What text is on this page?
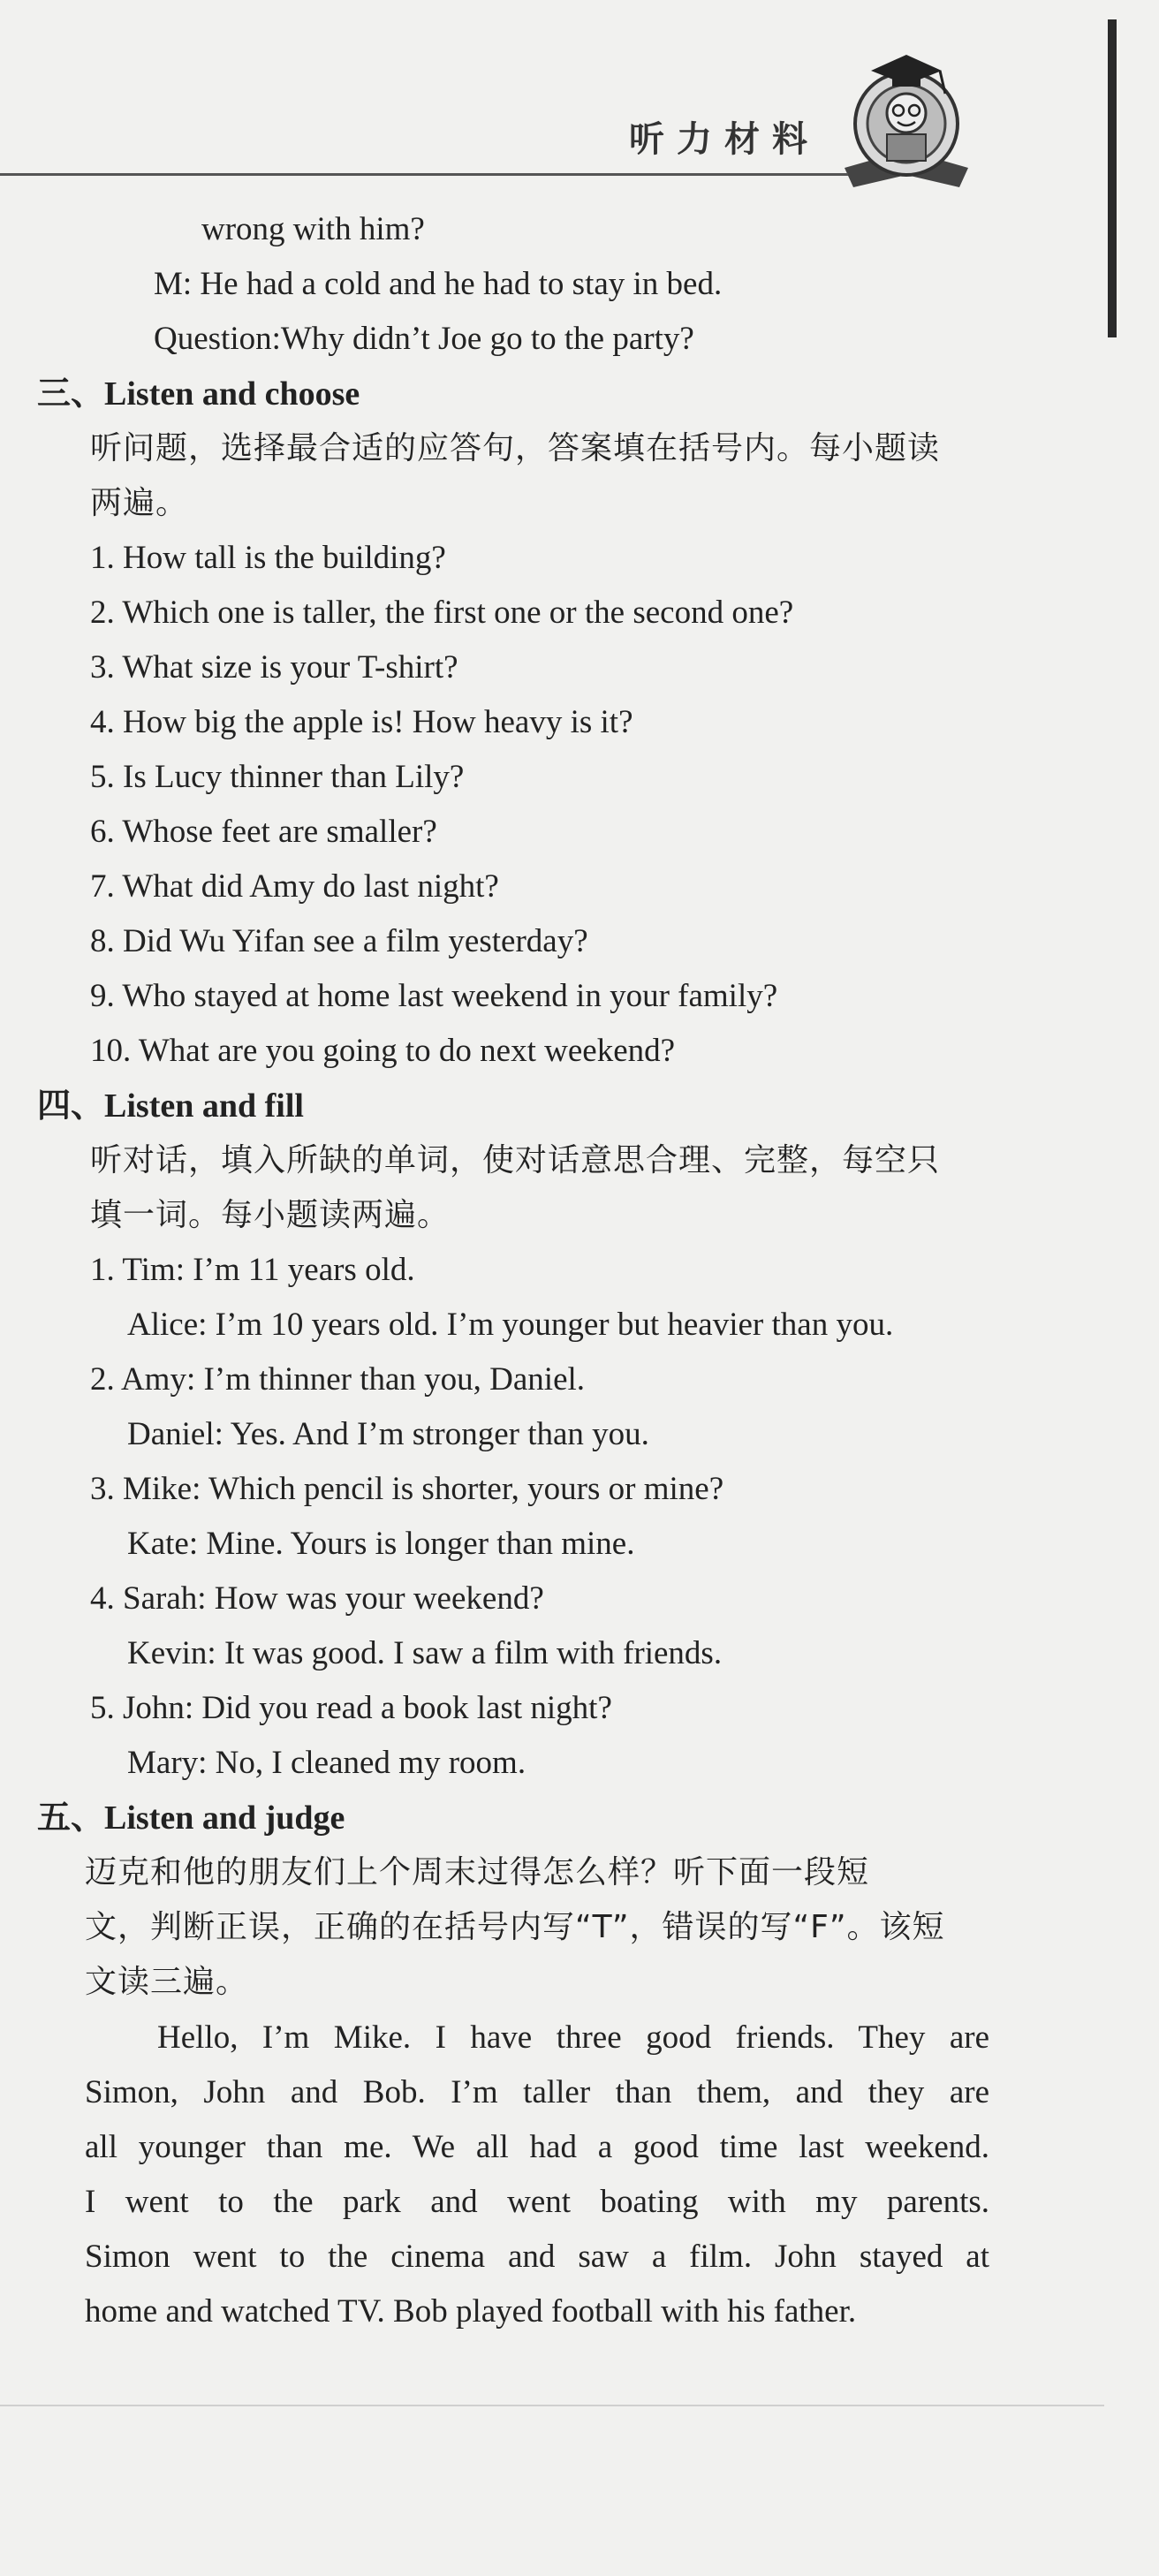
听力材料
wrong with him?
M: He had a cold and he had to stay in bed.
Question:Why didn’t Joe go to the party?
三、Listen and choose
听问题，选择最合适的应答句，答案填在括号内。每小题读
两遍。
1. How tall is the building?
2. Which one is taller, the first one or the second one?
3. What size is your T-shirt?
4. How big the apple is! How heavy is it?
5. Is Lucy thinner than Lily?
6. Whose feet are smaller?
7. What did Amy do last night?
8. Did Wu Yifan see a film yesterday?
9. Who stayed at home last weekend in your family?
10. What are you going to do next weekend?
四、Listen and fill
听对话，填入所缺的单词，使对话意思合理、完整，每空只
填一词。每小题读两遍。
1. Tim: I’m 11 years old.
Alice: I’m 10 years old. I’m younger but heavier than you.
2. Amy: I’m thinner than you, Daniel.
Daniel: Yes. And I’m stronger than you.
3. Mike: Which pencil is shorter, yours or mine?
Kate: Mine. Yours is longer than mine.
4. Sarah: How was your weekend?
Kevin: It was good. I saw a film with friends.
5. John: Did you read a book last night?
Mary: No, I cleaned my room.
五、Listen and judge
迈克和他的朋友们上个周末过得怎么样？听下面一段短
文，判断正误，正确的在括号内写“T”，错误的写“F”。该短
文读三遍。
Hello, I’m Mike. I have three good friends. They are
Simon, John and Bob. I’m taller than them, and they are
all younger than me. We all had a good time last weekend.
I went to the park and went boating with my parents.
Simon went to the cinema and saw a film. John stayed at
home and watched TV. Bob played football with his father.
